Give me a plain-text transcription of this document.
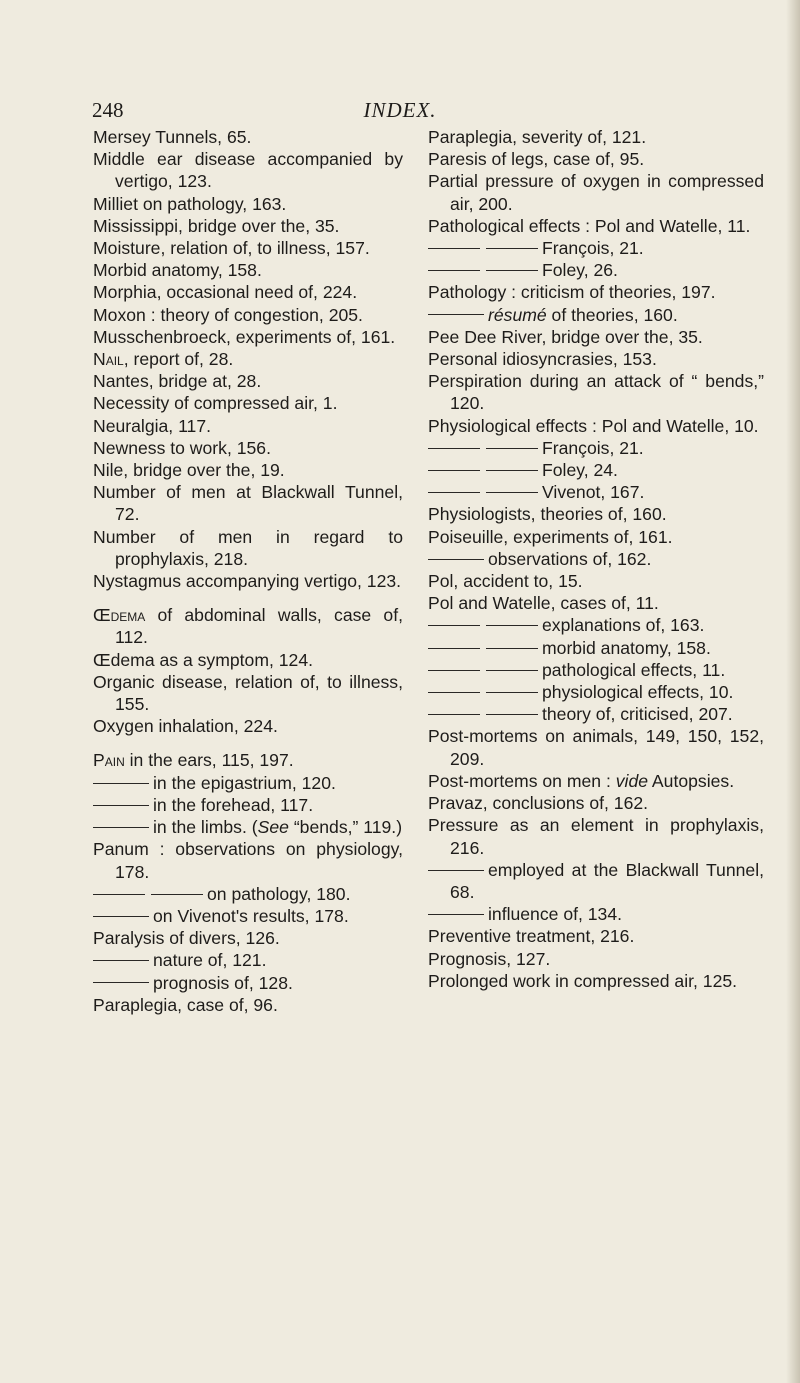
248	INDEX.
Mersey Tunnels, 65.
Middle ear disease accompanied by vertigo, 123.
Milliet on pathology, 163.
Mississippi, bridge over the, 35.
Moisture, relation of, to illness, 157.
Morbid anatomy, 158.
Morphia, occasional need of, 224.
Moxon : theory of congestion, 205.
Musschenbroeck, experiments of, 161.
Nail, report of, 28.
Nantes, bridge at, 28.
Necessity of compressed air, 1.
Neuralgia, 117.
Newness to work, 156.
Nile, bridge over the, 19.
Number of men at Blackwall Tunnel, 72.
Number of men in regard to prophylaxis, 218.
Nystagmus accompanying vertigo, 123.
Œdema of abdominal walls, case of, 112.
Œdema as a symptom, 124.
Organic disease, relation of, to illness, 155.
Oxygen inhalation, 224.
Pain in the ears, 115, 197.
in the epigastrium, 120.
in the forehead, 117.
in the limbs. (See “bends,” 119.)
Panum : observations on physiology, 178.
on pathology, 180.
on Vivenot's results, 178.
Paralysis of divers, 126.
nature of, 121.
prognosis of, 128.
Paraplegia, case of, 96.
Paraplegia, severity of, 121.
Paresis of legs, case of, 95.
Partial pressure of oxygen in compressed air, 200.
Pathological effects : Pol and Watelle, 11.
François, 21.
Foley, 26.
Pathology : criticism of theories, 197.
résumé of theories, 160.
Pee Dee River, bridge over the, 35.
Personal idiosyncrasies, 153.
Perspiration during an attack of “ bends,” 120.
Physiological effects : Pol and Watelle, 10.
François, 21.
Foley, 24.
Vivenot, 167.
Physiologists, theories of, 160.
Poiseuille, experiments of, 161.
observations of, 162.
Pol, accident to, 15.
Pol and Watelle, cases of, 11.
explanations of, 163.
morbid anatomy, 158.
pathological effects, 11.
physiological effects, 10.
theory of, criticised, 207.
Post-mortems on animals, 149, 150, 152, 209.
Post-mortems on men : vide Autopsies.
Pravaz, conclusions of, 162.
Pressure as an element in prophylaxis, 216.
employed at the Blackwall Tunnel, 68.
influence of, 134.
Preventive treatment, 216.
Prognosis, 127.
Prolonged work in compressed air, 125.
